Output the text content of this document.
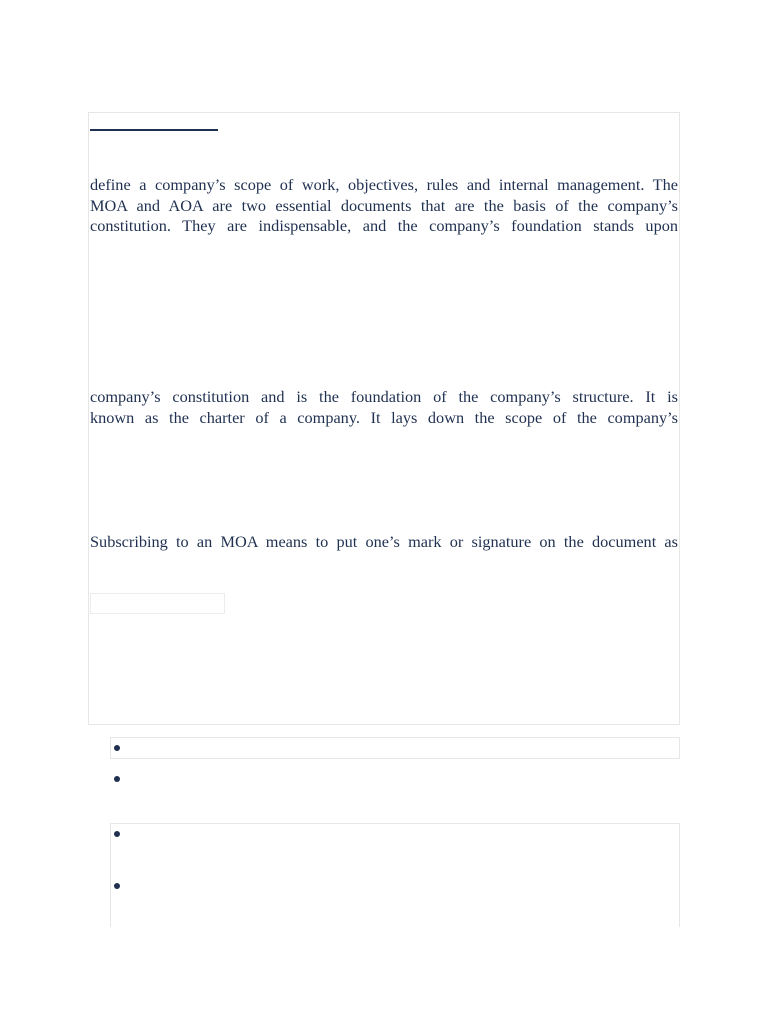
define a company’s scope of work, objectives, rules and internal management. The
MOA and AOA are two essential documents that are the basis of the company’s
constitution. They are indispensable, and the company’s foundation stands upon

company’s constitution and is the foundation of the company’s structure. It is
known as the charter of a company. It lays down the scope of the company’s

Subscribing to an MOA means to put one’s mark or signature on the document as
